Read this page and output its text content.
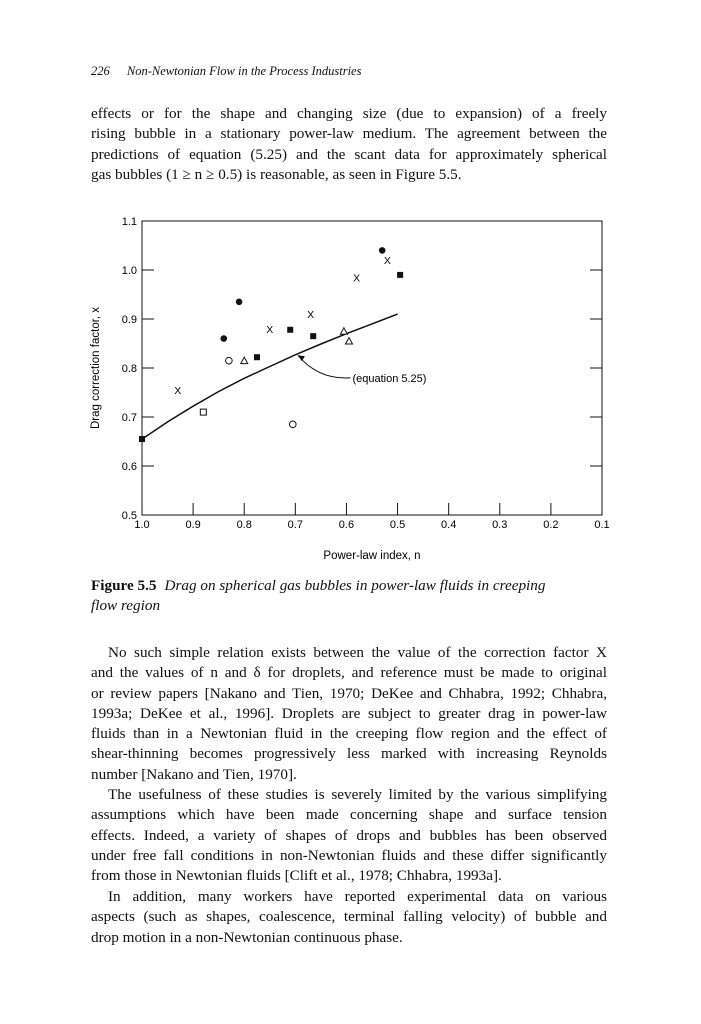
226 Non-Newtonian Flow in the Process Industries
effects or for the shape and changing size (due to expansion) of a freely
rising bubble in a stationary power-law medium. The agreement between the
predictions of equation (5.25) and the scant data for approximately spherical
gas bubbles (1 ≥ n ≥ 0.5) is reasonable, as seen in Figure 5.5.
1.0	0.9	0.8	0.7	0.6	0.5	0.4	0.3	0.2	0.1
0.5
0.6
0.7
0.8
0.9
1.0
1.1
Power-law index, n
Drag correction factor, x	(equation 5.25)
X
X
X
X
X
Figure 5.5 Drag on spherical gas bubbles in power-law fluids in creeping
flow region
No such simple relation exists between the value of the correction factor X
and the values of n and δ for droplets, and reference must be made to original
or review papers [Nakano and Tien, 1970; DeKee and Chhabra, 1992; Chhabra,
1993a; DeKee et al., 1996]. Droplets are subject to greater drag in power-law
fluids than in a Newtonian fluid in the creeping flow region and the effect of
shear-thinning becomes progressively less marked with increasing Reynolds
number [Nakano and Tien, 1970].
The usefulness of these studies is severely limited by the various simplifying
assumptions which have been made concerning shape and surface tension
effects. Indeed, a variety of shapes of drops and bubbles has been observed
under free fall conditions in non-Newtonian fluids and these differ significantly
from those in Newtonian fluids [Clift et al., 1978; Chhabra, 1993a].
In addition, many workers have reported experimental data on various
aspects (such as shapes, coalescence, terminal falling velocity) of bubble and
drop motion in a non-Newtonian continuous phase.
